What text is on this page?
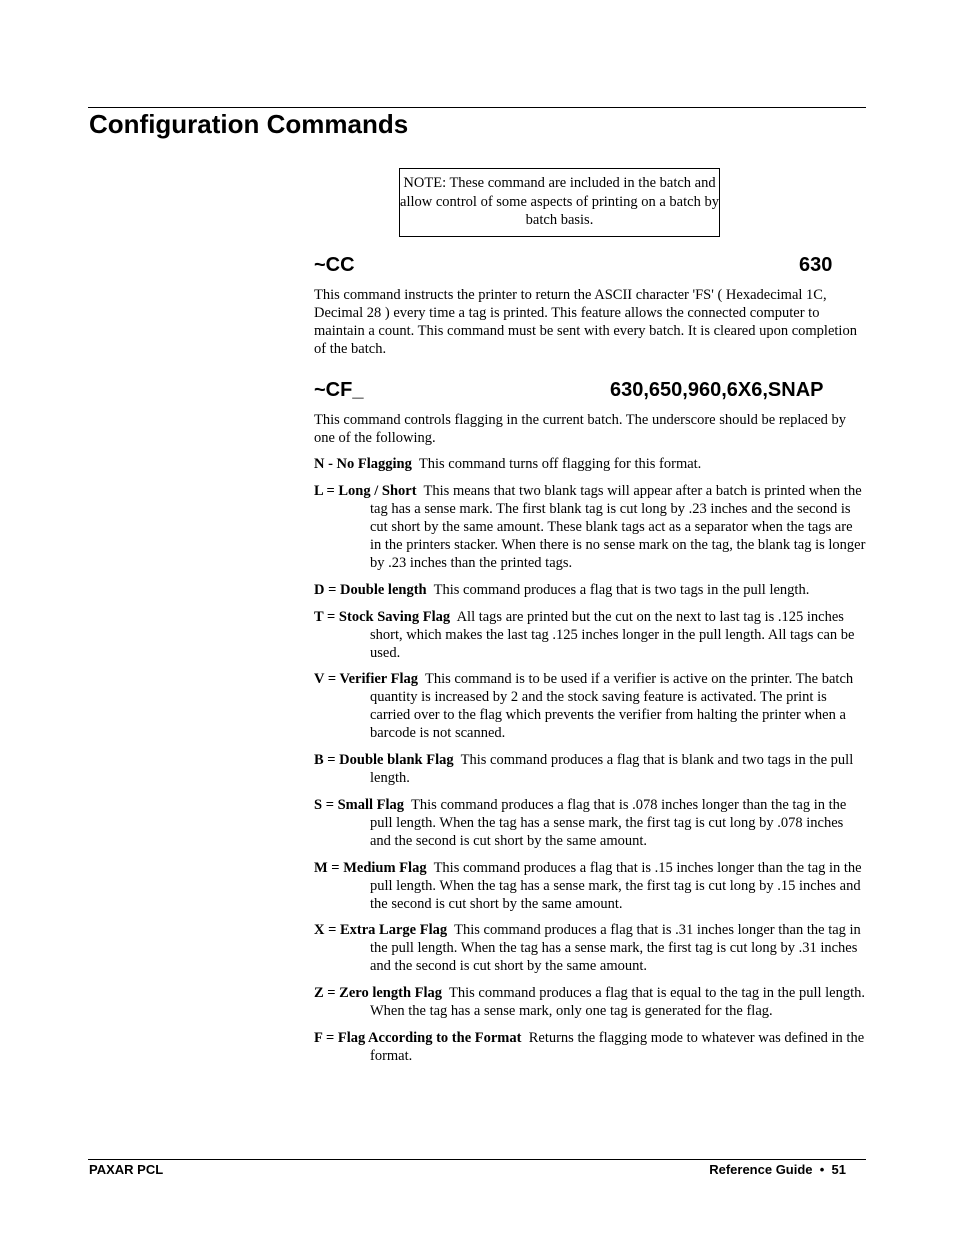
Configuration Commands
NOTE: These command are included in the batch and allow control of some aspects of printing on a batch by batch basis.
~CC	630
This command instructs the printer to return the ASCII character 'FS' ( Hexadecimal 1C, Decimal 28 ) every time a tag is printed. This feature allows the connected computer to maintain a count. This command must be sent with every batch. It is cleared upon completion of the batch.
~CF_	630,650,960,6X6,SNAP
This command controls flagging in the current batch. The underscore should be replaced by one of the following.
N - No Flagging This command turns off flagging for this format.
L = Long / Short This means that two blank tags will appear after a batch is printed when the tag has a sense mark. The first blank tag is cut long by .23 inches and the second is cut short by the same amount. These blank tags act as a separator when the tags are in the printers stacker. When there is no sense mark on the tag, the blank tag is longer by .23 inches than the printed tags.
D = Double length This command produces a flag that is two tags in the pull length.
T = Stock Saving Flag All tags are printed but the cut on the next to last tag is .125 inches short, which makes the last tag .125 inches longer in the pull length. All tags can be used.
V = Verifier Flag This command is to be used if a verifier is active on the printer. The batch quantity is increased by 2 and the stock saving feature is activated. The print is carried over to the flag which prevents the verifier from halting the printer when a barcode is not scanned.
B = Double blank Flag This command produces a flag that is blank and two tags in the pull length.
S = Small Flag This command produces a flag that is .078 inches longer than the tag in the pull length. When the tag has a sense mark, the first tag is cut long by .078 inches and the second is cut short by the same amount.
M = Medium Flag This command produces a flag that is .15 inches longer than the tag in the pull length. When the tag has a sense mark, the first tag is cut long by .15 inches and the second is cut short by the same amount.
X = Extra Large Flag This command produces a flag that is .31 inches longer than the tag in the pull length. When the tag has a sense mark, the first tag is cut long by .31 inches and the second is cut short by the same amount.
Z = Zero length Flag This command produces a flag that is equal to the tag in the pull length. When the tag has a sense mark, only one tag is generated for the flag.
F = Flag According to the Format Returns the flagging mode to whatever was defined in the format.
PAXAR PCL	Reference Guide  •  51
